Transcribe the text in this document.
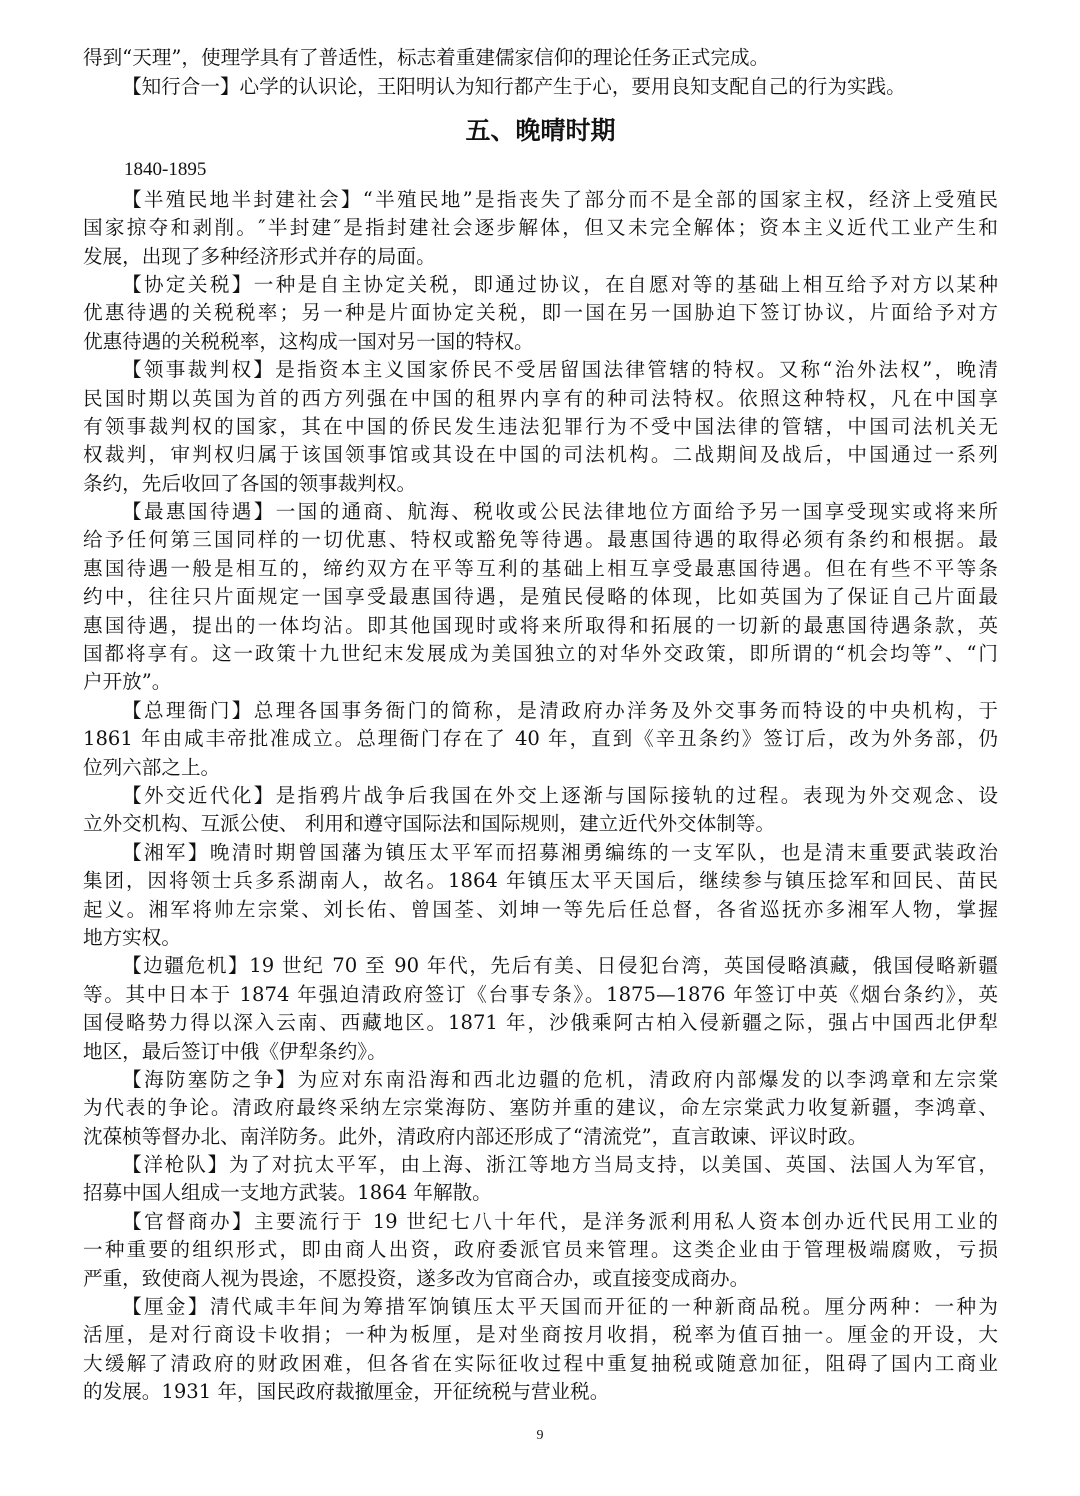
得到“天理”，使理学具有了普适性，标志着重建儒家信仰的理论任务正式完成。
【知行合一】心学的认识论，王阳明认为知行都产生于心，要用良知支配自己的行为实践。
五、晚晴时期
1840-1895
【半殖民地半封建社会】“半殖民地”是指丧失了部分而不是全部的国家主权，经济上受殖民
国家掠夺和剥削。″半封建″是指封建社会逐步解体，但又未完全解体；资本主义近代工业产生和
发展，出现了多种经济形式并存的局面。
【协定关税】一种是自主协定关税，即通过协议，在自愿对等的基础上相互给予对方以某种
优惠待遇的关税税率；另一种是片面协定关税，即一国在另一国胁迫下签订协议，片面给予对方
优惠待遇的关税税率，这构成一国对另一国的特权。
【领事裁判权】是指资本主义国家侨民不受居留国法律管辖的特权。又称“治外法权”，晚清
民国时期以英国为首的西方列强在中国的租界内享有的种司法特权。依照这种特权，凡在中国享
有领事裁判权的国家，其在中国的侨民发生违法犯罪行为不受中国法律的管辖，中国司法机关无
权裁判，审判权归属于该国领事馆或其设在中国的司法机构。二战期间及战后，中国通过一系列
条约，先后收回了各国的领事裁判权。
【最惠国待遇】一国的通商、航海、税收或公民法律地位方面给予另一国享受现实或将来所
给予任何第三国同样的一切优惠、特权或豁免等待遇。最惠国待遇的取得必须有条约和根据。最
惠国待遇一般是相互的，缔约双方在平等互利的基础上相互享受最惠国待遇。但在有些不平等条
约中，往往只片面规定一国享受最惠国待遇，是殖民侵略的体现，比如英国为了保证自己片面最
惠国待遇，提出的一体均沾。即其他国现时或将来所取得和拓展的一切新的最惠国待遇条款，英
国都将享有。这一政策十九世纪末发展成为美国独立的对华外交政策，即所谓的“机会均等”、“门
户开放”。
【总理衙门】总理各国事务衙门的简称，是清政府办洋务及外交事务而特设的中央机构，于
1861 年由咸丰帝批准成立。总理衙门存在了 40 年，直到《辛丑条约》签订后，改为外务部，仍
位列六部之上。
【外交近代化】是指鸦片战争后我国在外交上逐渐与国际接轨的过程。表现为外交观念、设
立外交机构、互派公使、 利用和遵守国际法和国际规则，建立近代外交体制等。
【湘军】晚清时期曾国藩为镇压太平军而招募湘勇编练的一支军队，也是清末重要武装政治
集团，因将领士兵多系湖南人，故名。1864 年镇压太平天国后，继续参与镇压捻军和回民、苗民
起义。湘军将帅左宗棠、刘长佑、曾国荃、刘坤一等先后任总督，各省巡抚亦多湘军人物，掌握
地方实权。
【边疆危机】19 世纪 70 至 90 年代，先后有美、日侵犯台湾，英国侵略滇藏，俄国侵略新疆
等。其中日本于 1874 年强迫清政府签订《台事专条》。1875—1876 年签订中英《烟台条约》，英
国侵略势力得以深入云南、西藏地区。1871 年，沙俄乘阿古柏入侵新疆之际，强占中国西北伊犁
地区，最后签订中俄《伊犁条约》。
【海防塞防之争】为应对东南沿海和西北边疆的危机，清政府内部爆发的以李鸿章和左宗棠
为代表的争论。清政府最终采纳左宗棠海防、塞防并重的建议，命左宗棠武力收复新疆，李鸿章、
沈葆桢等督办北、南洋防务。此外，清政府内部还形成了“清流党”，直言敢谏、评议时政。
【洋枪队】为了对抗太平军，由上海、浙江等地方当局支持，以美国、英国、法国人为军官，
招募中国人组成一支地方武装。1864 年解散。
【官督商办】主要流行于 19 世纪七八十年代，是洋务派利用私人资本创办近代民用工业的
一种重要的组织形式，即由商人出资，政府委派官员来管理。这类企业由于管理极端腐败，亏损
严重，致使商人视为畏途，不愿投资，遂多改为官商合办，或直接变成商办。
【厘金】清代咸丰年间为筹措军饷镇压太平天国而开征的一种新商品税。厘分两种：一种为
活厘，是对行商设卡收捐；一种为板厘，是对坐商按月收捐，税率为值百抽一。厘金的开设，大
大缓解了清政府的财政困难，但各省在实际征收过程中重复抽税或随意加征，阻碍了国内工商业
的发展。1931 年，国民政府裁撤厘金，开征统税与营业税。
9
